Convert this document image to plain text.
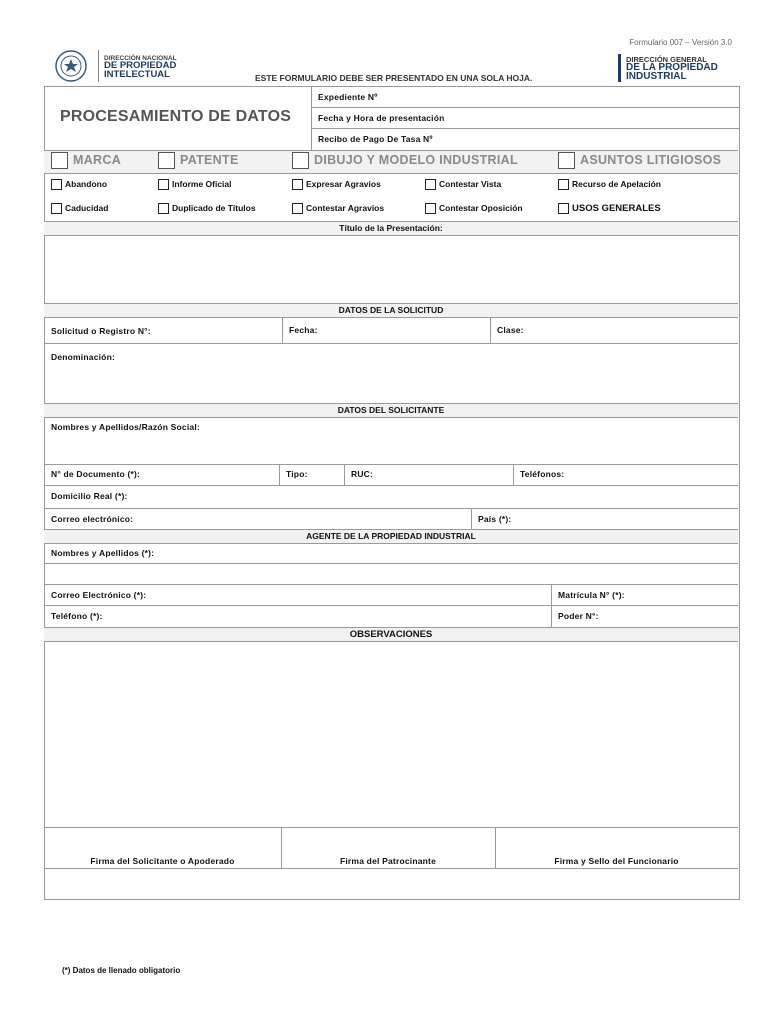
DIRECCIÓN NACIONAL
DE PROPIEDAD
INTELECTUAL
Formulario 007 – Versión 3.0
DIRECCIÓN GENERAL
DE LA PROPIEDAD
INDUSTRIAL
ESTE FORMULARIO DEBE SER PRESENTADO EN UNA SOLA HOJA.
PROCESAMIENTO DE DATOS
Expediente Nº
Fecha y Hora de presentación
Recibo de Pago De Tasa Nº
MARCA	PATENTE	DIBUJO Y MODELO INDUSTRIAL	ASUNTOS LITIGIOSOS
Abandono	Informe Oficial	Expresar Agravios	Contestar Vista	Recurso de Apelación
Caducidad	Duplicado de Títulos	Contestar Agravios	Contestar Oposición	USOS GENERALES
Título de la Presentación:
DATOS DE LA SOLICITUD
Solicitud o Registro N°:	Fecha:	Clase:
Denominación:
DATOS DEL SOLICITANTE
Nombres y Apellidos/Razón Social:
N° de Documento (*):	Tipo:	RUC:	Teléfonos:
Domicilio Real (*):
Correo electrónico:	País (*):
AGENTE DE LA PROPIEDAD INDUSTRIAL
Nombres y Apellidos (*):
Correo Electrónico (*):	Matrícula N° (*):
Teléfono (*):	Poder N°:
OBSERVACIONES
Firma del Solicitante o Apoderado	Firma del Patrocinante	Firma y Sello del Funcionario
(*) Datos de llenado obligatorio
